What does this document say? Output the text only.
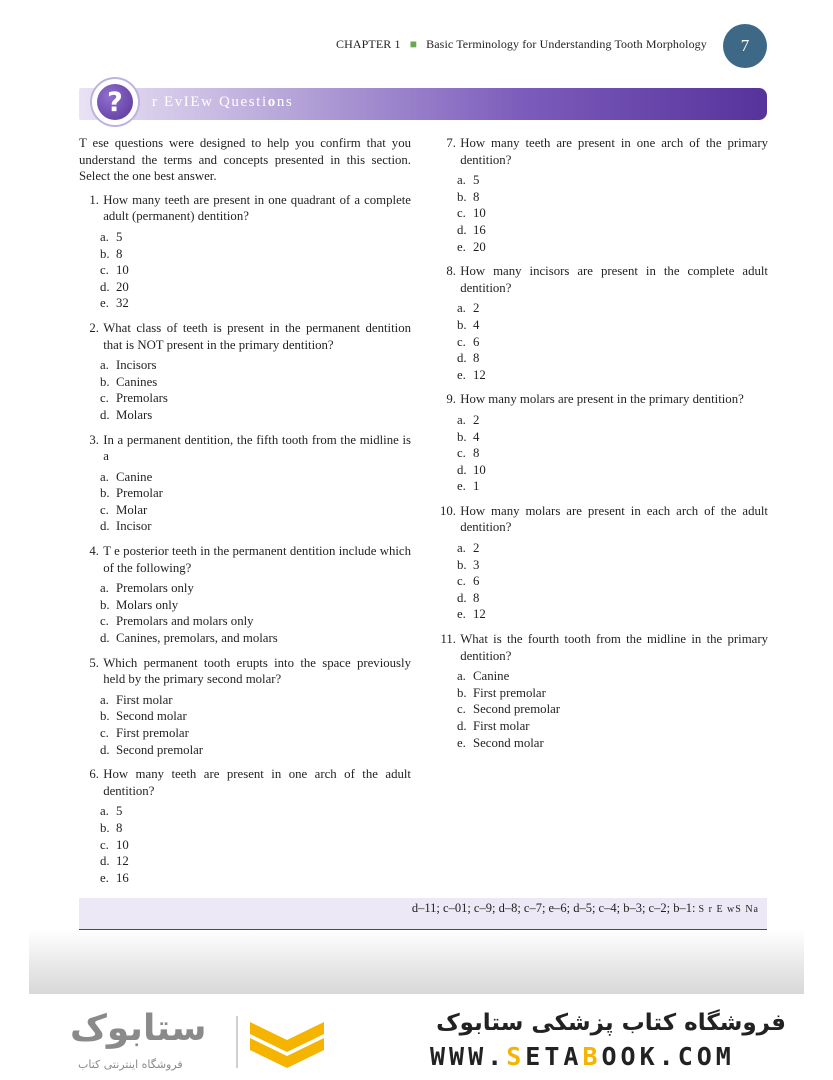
CHAPTER 1 ■ Basic Terminology for Understanding Tooth Morphology	7
?	r EvIEw Questions

T ese questions were designed to help you confirm that you understand the terms and concepts presented in this section. Select the one best answer.

1.
How many teeth are present in one quadrant of a complete adult (permanent) dentition?
a. 5
b. 8
c. 10
d. 20
e. 32
2.
What class of teeth is present in the permanent dentition that is NOT present in the primary dentition?
a. Incisors
b. Canines
c. Premolars
d. Molars
3.
In a permanent dentition, the fifth tooth from the midline is a
a. Canine
b. Premolar
c. Molar
d. Incisor
4.
T e posterior teeth in the permanent dentition include which of the following?
a. Premolars only
b. Molars only
c. Premolars and molars only
d. Canines, premolars, and molars
5.
Which permanent tooth erupts into the space previously held by the primary second molar?
a. First molar
b. Second molar
c. First premolar
d. Second premolar
6.
How many teeth are present in one arch of the adult dentition?
a. 5
b. 8
c. 10
d. 12
e. 16
7.
How many teeth are present in one arch of the primary dentition?
a. 5
b. 8
c. 10
d. 16
e. 20
8.
How many incisors are present in the complete adult dentition?
a. 2
b. 4
c. 6
d. 8
e. 12
9.
How many molars are present in the primary dentition?
a. 2
b. 4
c. 8
d. 10
e. 1
10.
How many molars are present in each arch of the adult dentition?
a. 2
b. 3
c. 6
d. 8
e. 12
11.
What is the fourth tooth from the midline in the primary dentition?
a. Canine
b. First premolar
c. Second premolar
d. First molar
e. Second molar
d–11; c–01; c–9; d–8; c–7; e–6; d–5; c–4; b–3; c–2; b–1: S r E wS Na
ستابوک
فروشگاه اینترنتی کتاب
فروشگاه کتاب پزشکی ستابوک
WWW.SETABOOK.COM
